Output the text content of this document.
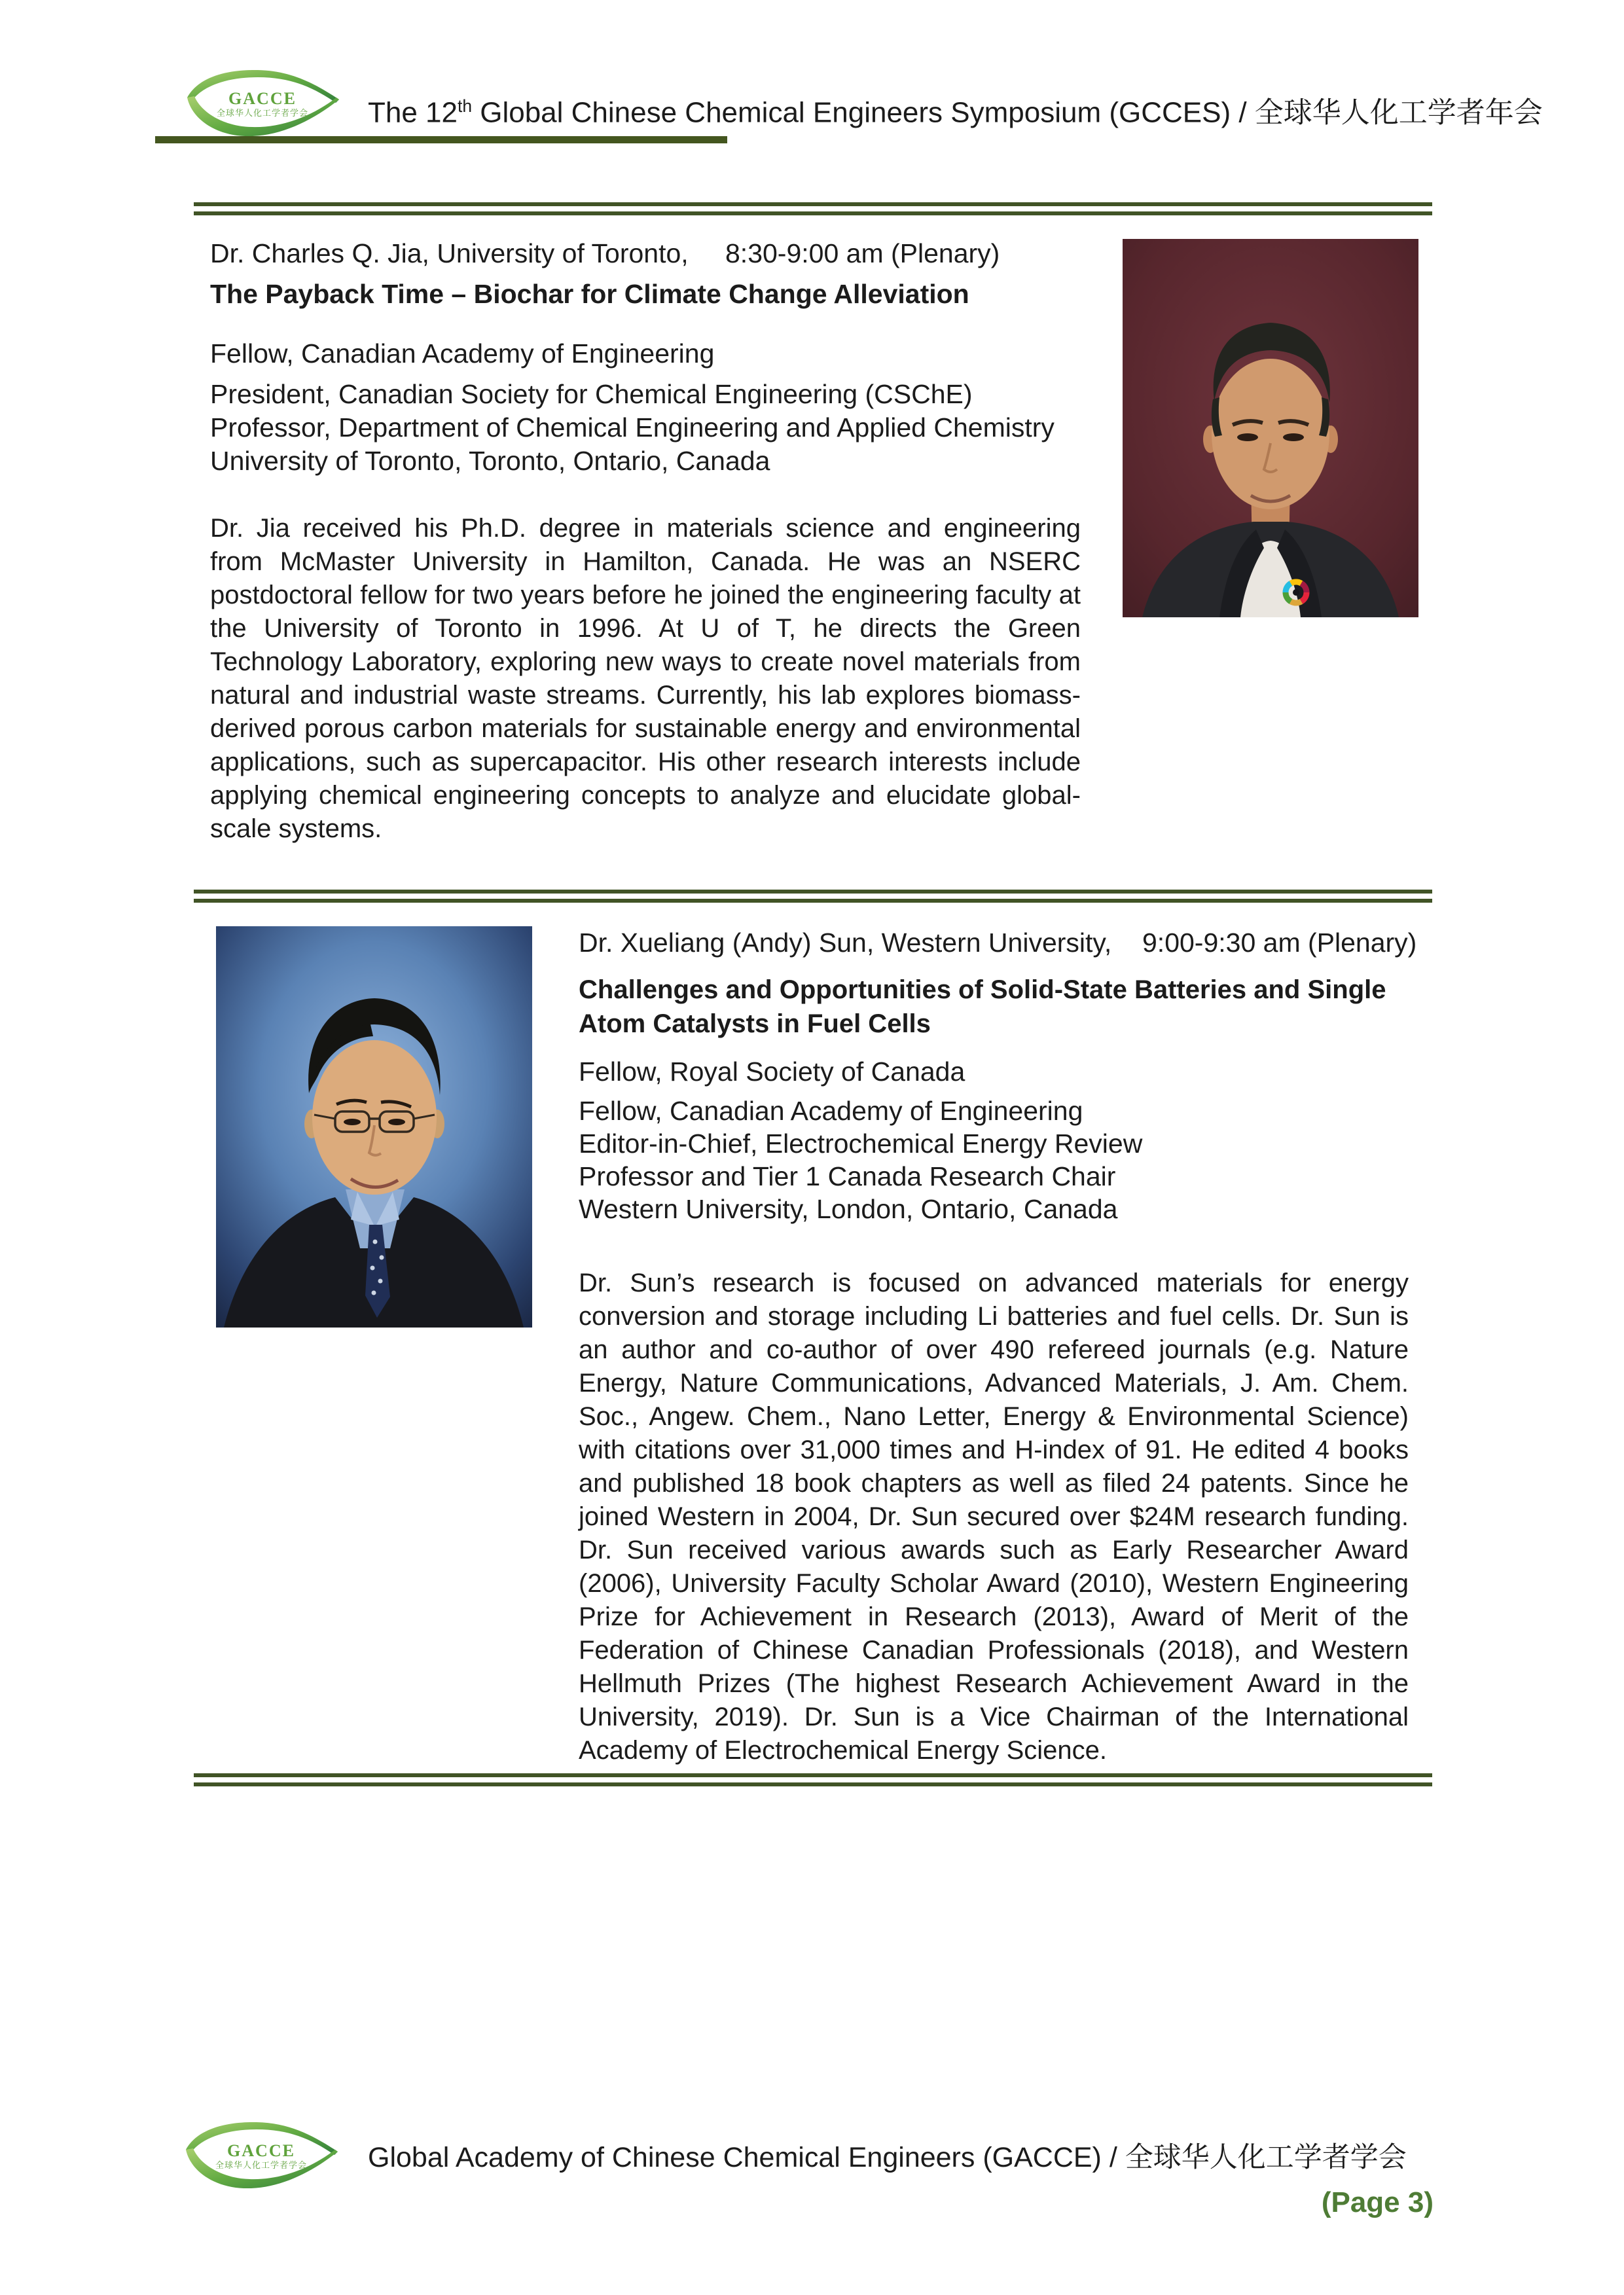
GACCE
全球华人化工学者学会 The 12th Global Chinese Chemical Engineers Symposium (GCCES) / 全球华人化工学者年会
Dr. Charles Q. Jia, University of Toronto, 8:30-9:00 am (Plenary)
The Payback Time – Biochar for Climate Change Alleviation
Fellow, Canadian Academy of Engineering
President, Canadian Society for Chemical Engineering (CSChE)
Professor, Department of Chemical Engineering and Applied Chemistry
University of Toronto, Toronto, Ontario, Canada
Dr. Jia received his Ph.D. degree in materials science and engineering from McMaster University in Hamilton, Canada. He was an NSERC postdoctoral fellow for two years before he joined the engineering faculty at the University of Toronto in 1996. At U of T, he directs the Green Technology Laboratory, exploring new ways to create novel materials from natural and industrial waste streams. Currently, his lab explores biomass-derived porous carbon materials for sustainable energy and environmental applications, such as supercapacitor. His other research interests include applying chemical engineering concepts to analyze and elucidate global-scale systems.
Dr. Xueliang (Andy) Sun, Western University, 9:00-9:30 am (Plenary)
Challenges and Opportunities of Solid-State Batteries and Single Atom Catalysts in Fuel Cells
Fellow, Royal Society of Canada
Fellow, Canadian Academy of Engineering
Editor-in-Chief, Electrochemical Energy Review
Professor and Tier 1 Canada Research Chair
Western University, London, Ontario, Canada
Dr. Sun’s research is focused on advanced materials for energy conversion and storage including Li batteries and fuel cells. Dr. Sun is an author and co-author of over 490 refereed journals (e.g. Nature Energy, Nature Communications, Advanced Materials, J. Am. Chem. Soc., Angew. Chem., Nano Letter, Energy & Environmental Science) with citations over 31,000 times and H-index of 91. He edited 4 books and published 18 book chapters as well as filed 24 patents. Since he joined Western in 2004, Dr. Sun secured over $24M research funding. Dr. Sun received various awards such as Early Researcher Award (2006), University Faculty Scholar Award (2010), Western Engineering Prize for Achievement in Research (2013), Award of Merit of the Federation of Chinese Canadian Professionals (2018), and Western Hellmuth Prizes (The highest Research Achievement Award in the University, 2019). Dr. Sun is a Vice Chairman of the International Academy of Electrochemical Energy Science.
GACCE
全球华人化工学者学会 Global Academy of Chinese Chemical Engineers (GACCE) / 全球华人化工学者学会
(Page 3)
